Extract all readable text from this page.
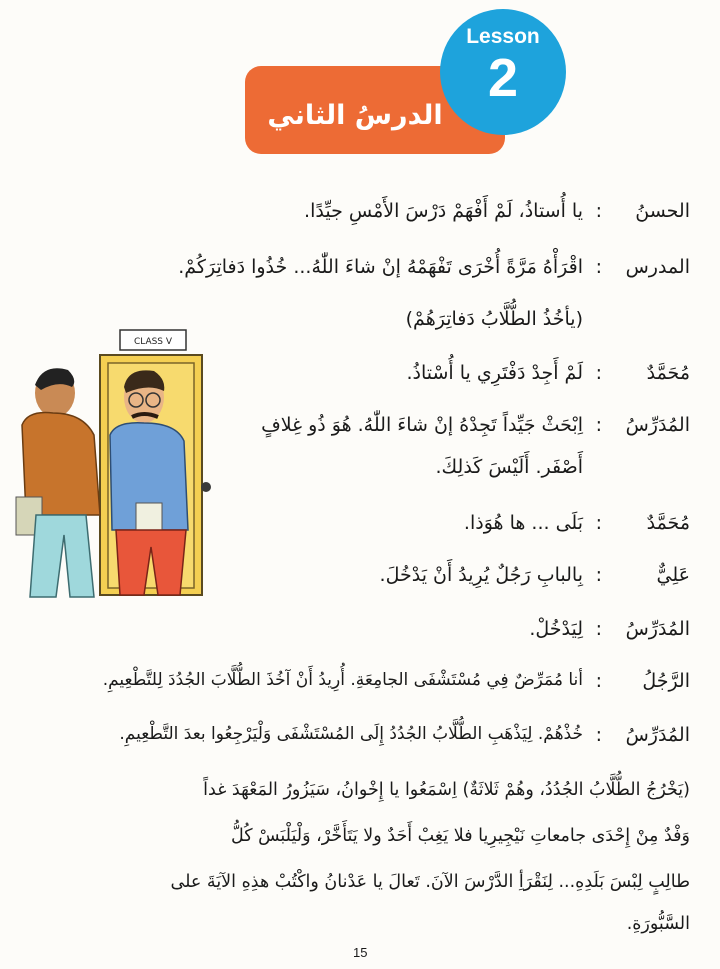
الدرسُ الثاني
Lesson
2
CLASS V
الحسنُ
:
يا أُستاذُ، لَمْ أَفْهَمْ دَرْسَ الأَمْسِ جيِّدًا.
المدرس
:
اقْرَأْهُ مَرَّةً أُخْرَى تَفْهَمْهُ إنْ شاءَ اللّٰهُ... خُذُوا دَفاتِرَكُمْ.
(يأخُذُ الطُّلَّابُ دَفاتِرَهُمْ)
مُحَمَّدٌ
:
لَمْ أَجِدْ دَفْتَرِي يا أُسْتاذُ.
المُدَرِّسُ
:
اِبْحَثْ جَيِّداً تَجِدْهُ إنْ شاءَ اللّٰهُ. هُوَ ذُو غِلافٍ
أَصْفَر. أَلَيْسَ كَذلِكَ.
مُحَمَّدٌ
:
بَلَى ... ها هُوَذا.
عَلِيٌّ
:
بِالبابِ رَجُلٌ يُرِيدُ أَنْ يَدْخُلَ.
المُدَرِّسُ
:
لِيَدْخُلْ.
الرَّجُلُ
:
أنا مُمَرِّضٌ فِي مُسْتَشْفَى الجامِعَةِ. أُرِيدُ أَنْ آخُذَ الطُّلَّابَ الجُدُدَ لِلتَّطْعِيمِ.
المُدَرِّسُ
:
خُذْهُمْ. لِيَذْهَبِ الطُّلَّابُ الجُدُدُ إِلَى المُسْتَشْفَى وَلْيَرْجِعُوا بعدَ التَّطْعِيمِ.
(يَخْرُجُ الطُّلَّابُ الجُدُدُ، وهُمْ ثَلاثَةٌ) اِسْمَعُوا يا إِخْوانُ، سَيَزُورُ المَعْهَدَ غداً
وَفْدٌ مِنْ إِحْدَى جامعاتِ نَيْجِيرِيا فلا يَغِبْ أَحَدٌ ولا يَتَأَخَّرْ، وَلْيَلْبَسْ كُلُّ
طالِبٍ لِبْسَ بَلَدِهِ... لِنَقْرَأِ الدَّرْسَ الآنَ. تَعالَ يا عَدْنانُ واكْتُبْ هذِهِ الآيَةَ على
السَّبُّورَةِ.
15
